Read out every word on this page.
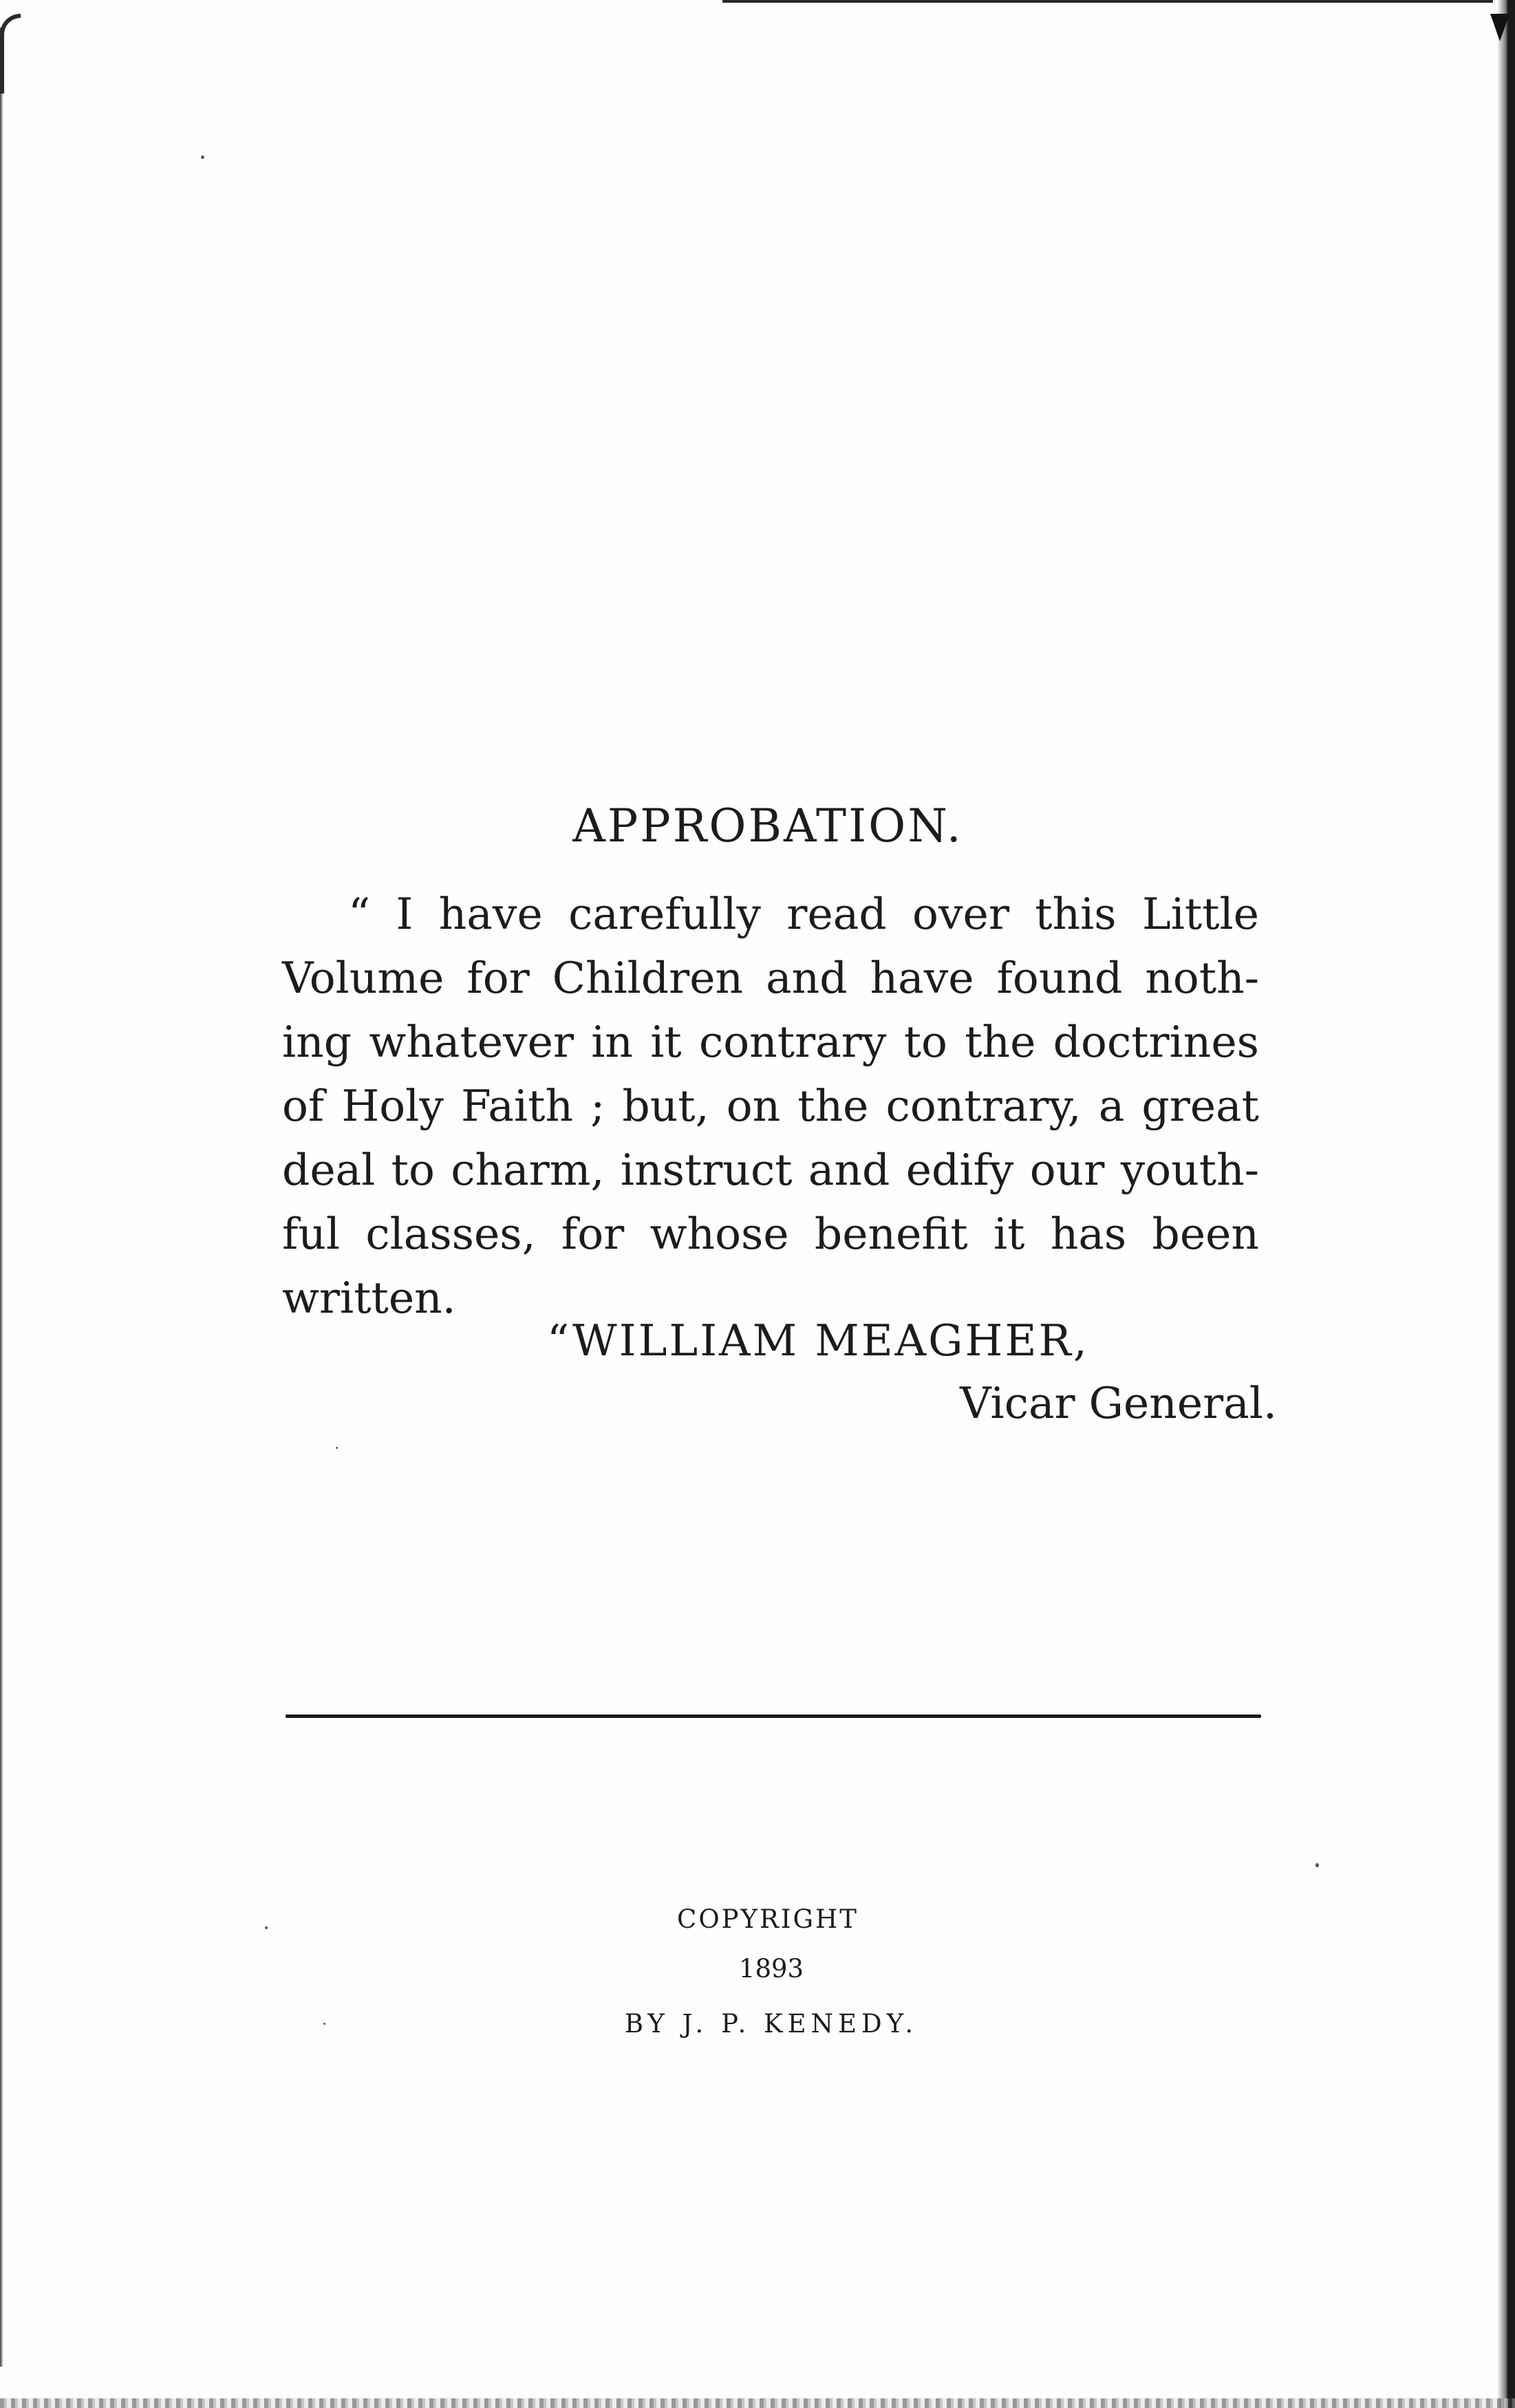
APPROBATION.
“ I have carefully read over this Little
Volume for Children and have found noth-
ing whatever in it contrary to the doctrines
of Holy Faith ; but, on the contrary, a great
deal to charm, instruct and edify our youth-
ful classes, for whose benefit it has been
written.
“WILLIAM MEAGHER,
Vicar General.
COPYRIGHT
1893
BY J. P. KENEDY.
